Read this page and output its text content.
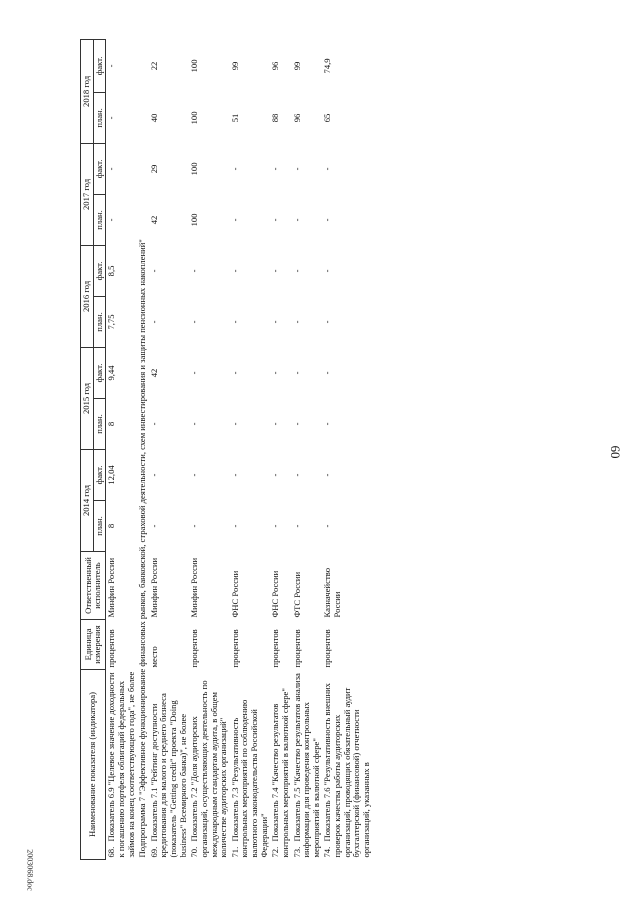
60
2003068.doc
Наименование показателя (индикатора)	Единица измерения	Ответственный исполнитель	2014 год		2015 год		2016 год		2017 год		2018 год	
			план.	факт.	план.	факт.	план.	факт.	план.	факт.	план.	факт.
68.Показатель 6.9 "Целевое значение доходности к погашению портфеля облигаций федеральных займов на конец соответствующего года", не более	процентов	Минфин России	8	12,04	8	9,44	7,75	8,5	-	-	-	-
Подпрограмма 7 "Эффективное функционирование финансовых рынков, банковской, страховой деятельности, схем инвестирования и защиты пенсионных накоплений"												
69.Показатель 7.1 "Рейтинг доступности кредитования для малого и среднего бизнеса (показатель "Getting credit" проекта "Doing business" Всемирного банка)", не более	место	Минфин России	-	-	-	42	-	-	42	29	40	22
70.Показатель 7.2 "Доля аудиторских организаций, осуществляющих деятельность по международным стандартам аудита, в общем количестве аудиторских организаций"	процентов	Минфин России	-	-	-	-	-	-	100	100	100	100
71.Показатель 7.3 "Результативность контрольных мероприятий по соблюдению валютного законодательства Российской Федерации"	процентов	ФНС России	-	-	-	-	-	-	-	-	51	99
72.Показатель 7.4 "Качество результатов контрольных мероприятий в валютной сфере"	процентов	ФНС России	-	-	-	-	-	-	-	-	88	96
73.Показатель 7.5 "Качество результатов анализа информации для проведения контрольных мероприятий в валютной сфере"	процентов	ФТС России	-	-	-	-	-	-	-	-	96	99
74.Показатель 7.6 "Результативность внешних проверок качества работы аудиторских организаций, проводящих обязательный аудит бухгалтерской (финансовой) отчетности организаций, указанных в	процентов	Казначейство России	-	-	-	-	-	-	-	-	65	74,9
